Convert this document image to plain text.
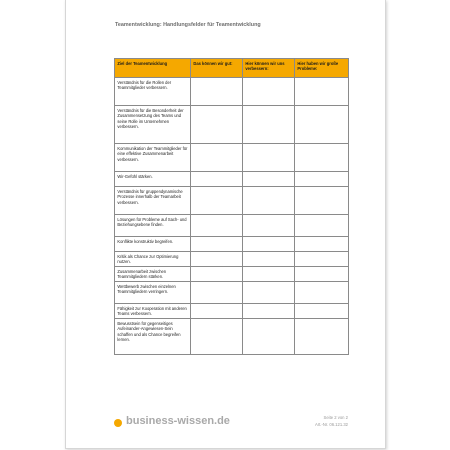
Teamentwicklung: Handlungsfelder für Teamentwicklung
Ziel der Teamentwicklung	Das können wir gut:	Hier können wir uns verbessern:	Hier haben wir große Probleme:
Verständnis für die Rollen der Teammitglieder verbessern.			
Verständnis für die Besonderheit der Zusammensetzung des Teams und seine Rolle im Unternehmen verbessern.			
Kommunikation der Teammitglieder für eine effektive Zusammenarbeit verbessern.			
Wir-Gefühl stärken.			
Verständnis für gruppendynamische Prozesse innerhalb der Teamarbeit verbessern.			
Lösungen für Probleme auf Sach- und Beziehungsebene finden.			
Konflikte konstruktiv begreifen.			
Kritik als Chance zur Optimierung nutzen.			
Zusammenarbeit zwischen Teammitgliedern stärken.			
Wettbewerb zwischen einzelnen Teammitgliedern verringern.			
Fähigkeit zur Kooperation mit anderen Teams verbessern.			
Bewusstsein für gegenseitiges Aufeinander-Angewiesen-Sein schaffen und als Chance begreifen lernen.			
business-wissen.de	Seite 2 von 2
Art.-Nr. 06.121.32
